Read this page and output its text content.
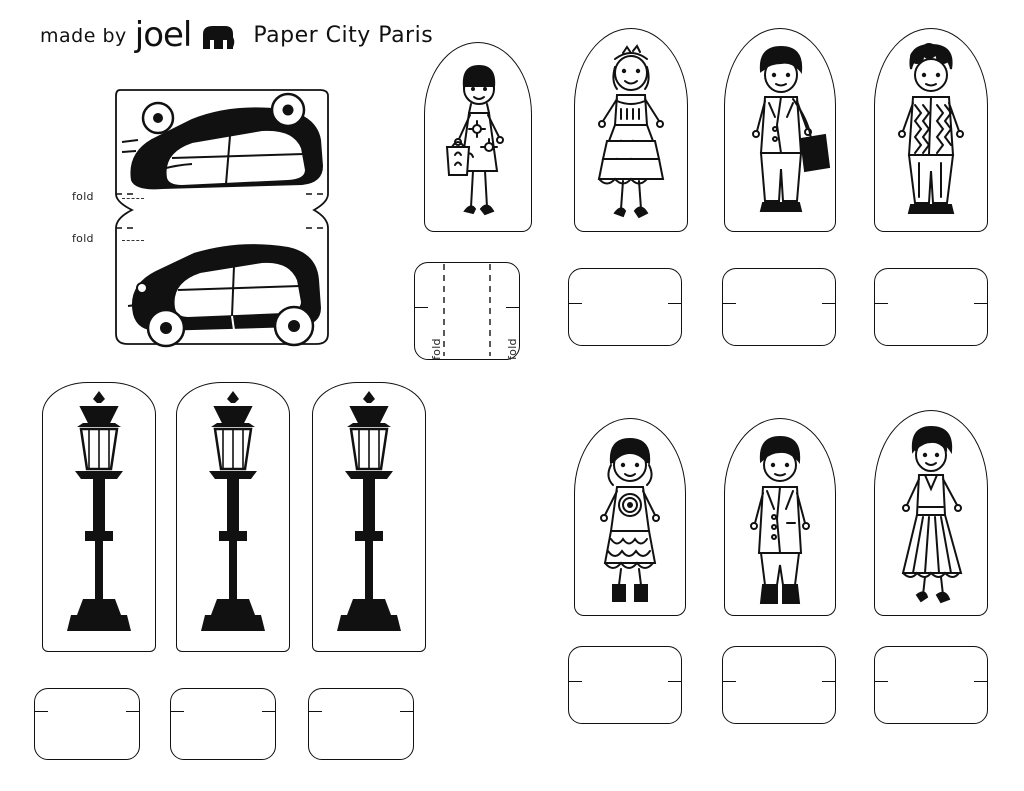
made by joel	Paper City Paris
fold
fold
fold	fold
